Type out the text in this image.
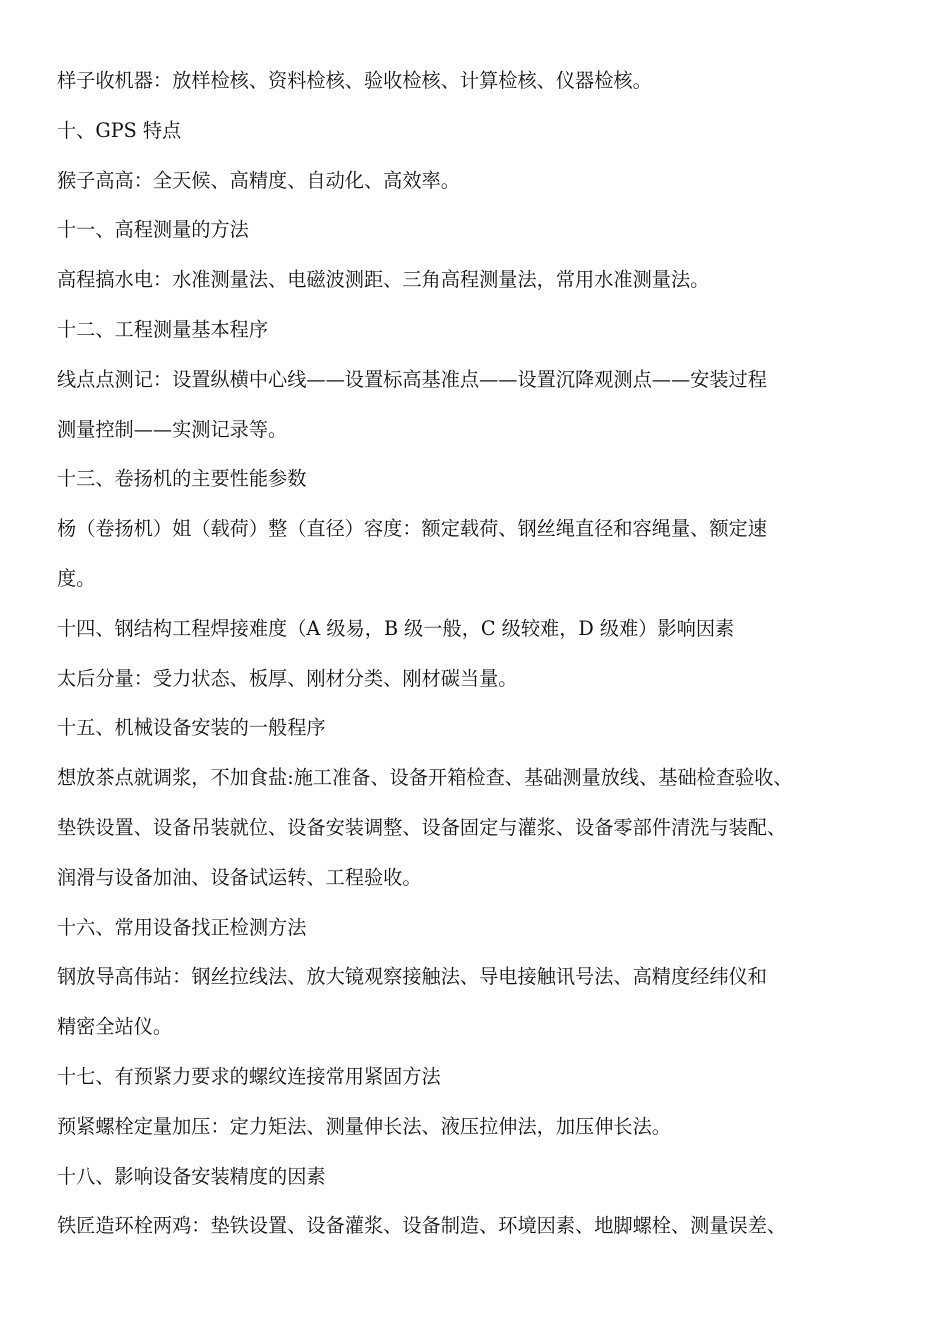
样子收机器：放样检核、资料检核、验收检核、计算检核、仪器检核。
十、GPS 特点
猴子高高：全天候、高精度、自动化、高效率。
十一、高程测量的方法
高程搞水电：水准测量法、电磁波测距、三角高程测量法，常用水准测量法。
十二、工程测量基本程序
线点点测记：设置纵横中心线——设置标高基准点——设置沉降观测点——安装过程
测量控制——实测记录等。
十三、卷扬机的主要性能参数
杨（卷扬机）姐（载荷）整（直径）容度：额定载荷、钢丝绳直径和容绳量、额定速
度。
十四、钢结构工程焊接难度（A 级易，B 级一般，C 级较难，D 级难）影响因素
太后分量：受力状态、板厚、刚材分类、刚材碳当量。
十五、机械设备安装的一般程序
想放茶点就调浆，不加食盐:施工准备、设备开箱检查、基础测量放线、基础检查验收、
垫铁设置、设备吊装就位、设备安装调整、设备固定与灌浆、设备零部件清洗与装配、
润滑与设备加油、设备试运转、工程验收。
十六、常用设备找正检测方法
钢放导高伟站：钢丝拉线法、放大镜观察接触法、导电接触讯号法、高精度经纬仪和
精密全站仪。
十七、有预紧力要求的螺纹连接常用紧固方法
预紧螺栓定量加压：定力矩法、测量伸长法、液压拉伸法，加压伸长法。
十八、影响设备安装精度的因素
铁匠造环栓两鸡：垫铁设置、设备灌浆、设备制造、环境因素、地脚螺栓、测量误差、
